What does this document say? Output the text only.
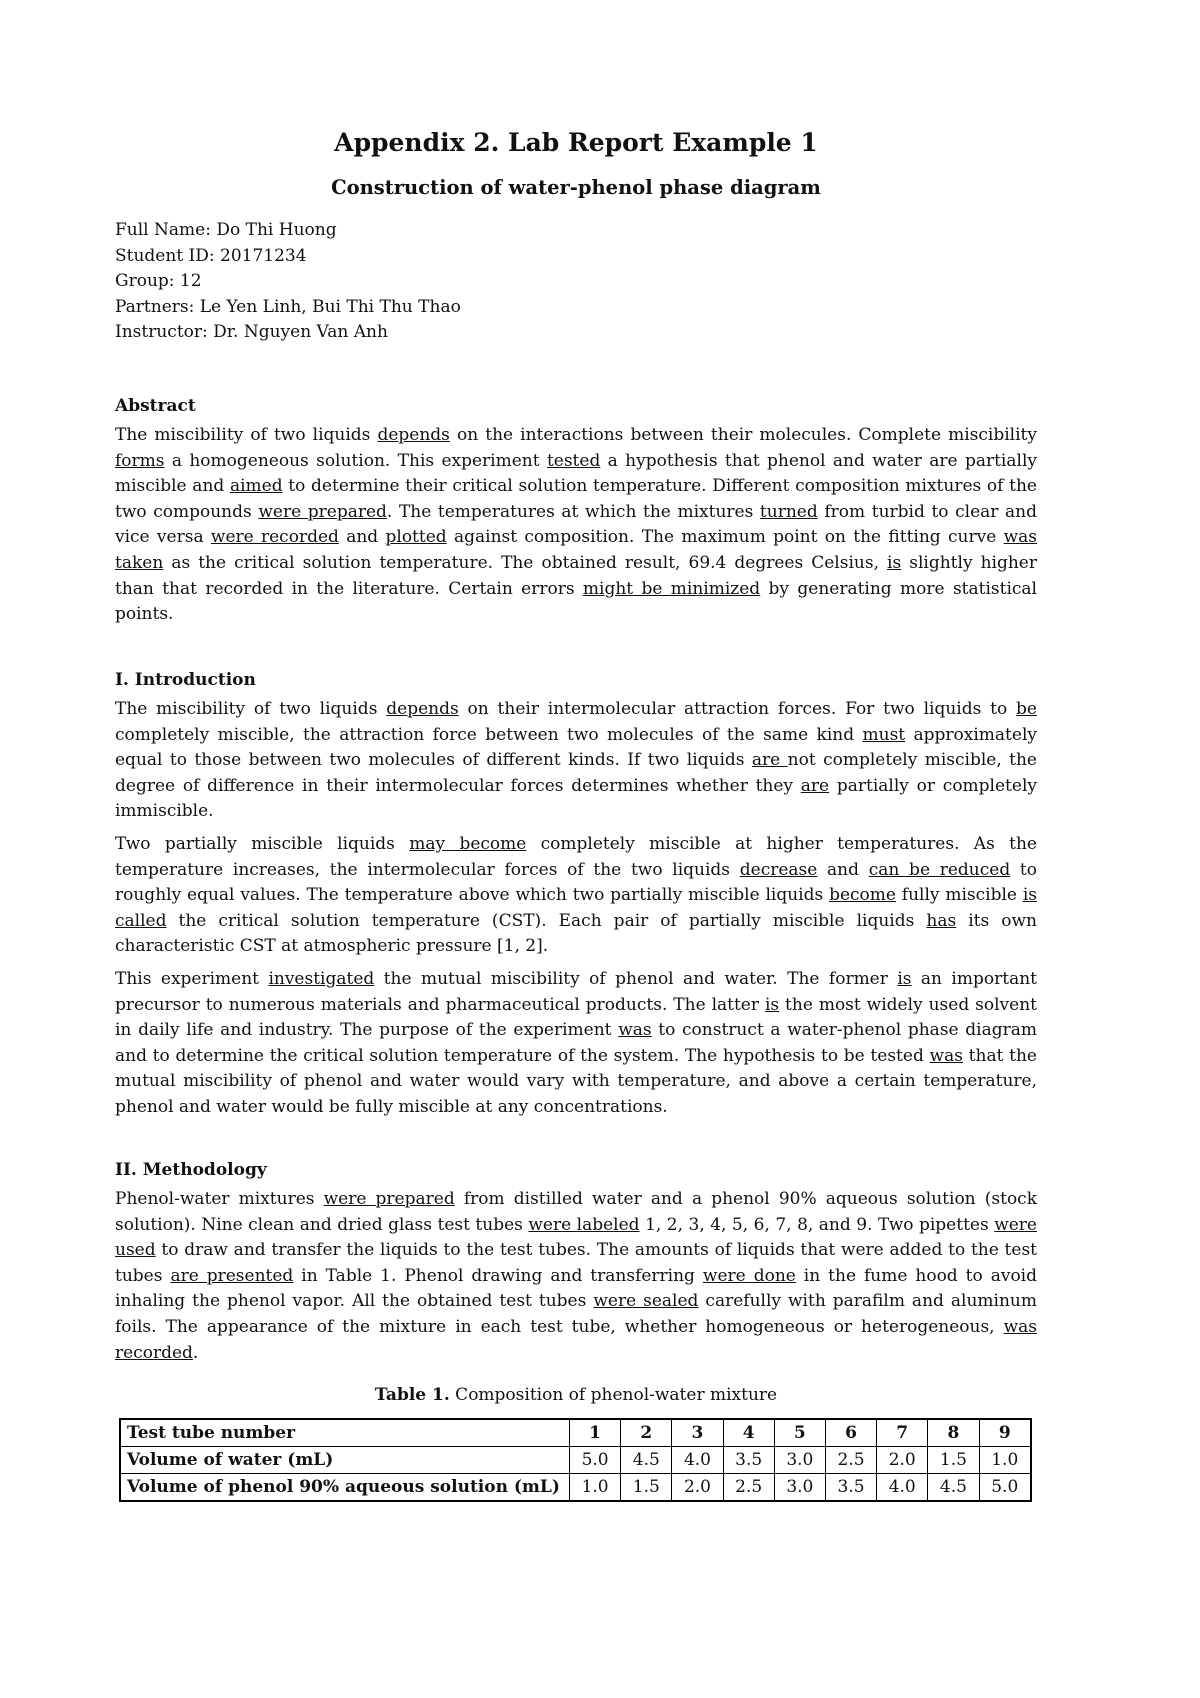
Appendix 2. Lab Report Example 1
Construction of water-phenol phase diagram
Full Name: Do Thi Huong
Student ID: 20171234
Group: 12
Partners: Le Yen Linh, Bui Thi Thu Thao
Instructor: Dr. Nguyen Van Anh
Abstract

The miscibility of two liquids depends on the interactions between their molecules. Complete miscibility forms a homogeneous solution. This experiment tested a hypothesis that phenol and water are partially miscible and aimed to determine their critical solution temperature. Different composition mixtures of the two compounds were prepared. The temperatures at which the mixtures turned from turbid to clear and vice versa were recorded and plotted against composition. The maximum point on the fitting curve was taken as the critical solution temperature. The obtained result, 69.4 degrees Celsius, is slightly higher than that recorded in the literature. Certain errors might be minimized by generating more statistical points.

I. Introduction

The miscibility of two liquids depends on their intermolecular attraction forces. For two liquids to be completely miscible, the attraction force between two molecules of the same kind must approximately equal to those between two molecules of different kinds. If two liquids are not completely miscible, the degree of difference in their intermolecular forces determines whether they are partially or completely immiscible.

Two partially miscible liquids may become completely miscible at higher temperatures. As the temperature increases, the intermolecular forces of the two liquids decrease and can be reduced to roughly equal values. The temperature above which two partially miscible liquids become fully miscible is called the critical solution temperature (CST). Each pair of partially miscible liquids has its own characteristic CST at atmospheric pressure [1, 2].

This experiment investigated the mutual miscibility of phenol and water. The former is an important precursor to numerous materials and pharmaceutical products. The latter is the most widely used solvent in daily life and industry. The purpose of the experiment was to construct a water-phenol phase diagram and to determine the critical solution temperature of the system. The hypothesis to be tested was that the mutual miscibility of phenol and water would vary with temperature, and above a certain temperature, phenol and water would be fully miscible at any concentrations.

II. Methodology

Phenol-water mixtures were prepared from distilled water and a phenol 90% aqueous solution (stock solution). Nine clean and dried glass test tubes were labeled 1, 2, 3, 4, 5, 6, 7, 8, and 9. Two pipettes were used to draw and transfer the liquids to the test tubes. The amounts of liquids that were added to the test tubes are presented in Table 1. Phenol drawing and transferring were done in the fume hood to avoid inhaling the phenol vapor. All the obtained test tubes were sealed carefully with parafilm and aluminum foils. The appearance of the mixture in each test tube, whether homogeneous or heterogeneous, was recorded.

Table 1. Composition of phenol-water mixture
Test tube number	1	2	3	4	5	6	7	8	9
Volume of water (mL)	5.0	4.5	4.0	3.5	3.0	2.5	2.0	1.5	1.0
Volume of phenol 90% aqueous solution (mL)	1.0	1.5	2.0	2.5	3.0	3.5	4.0	4.5	5.0
